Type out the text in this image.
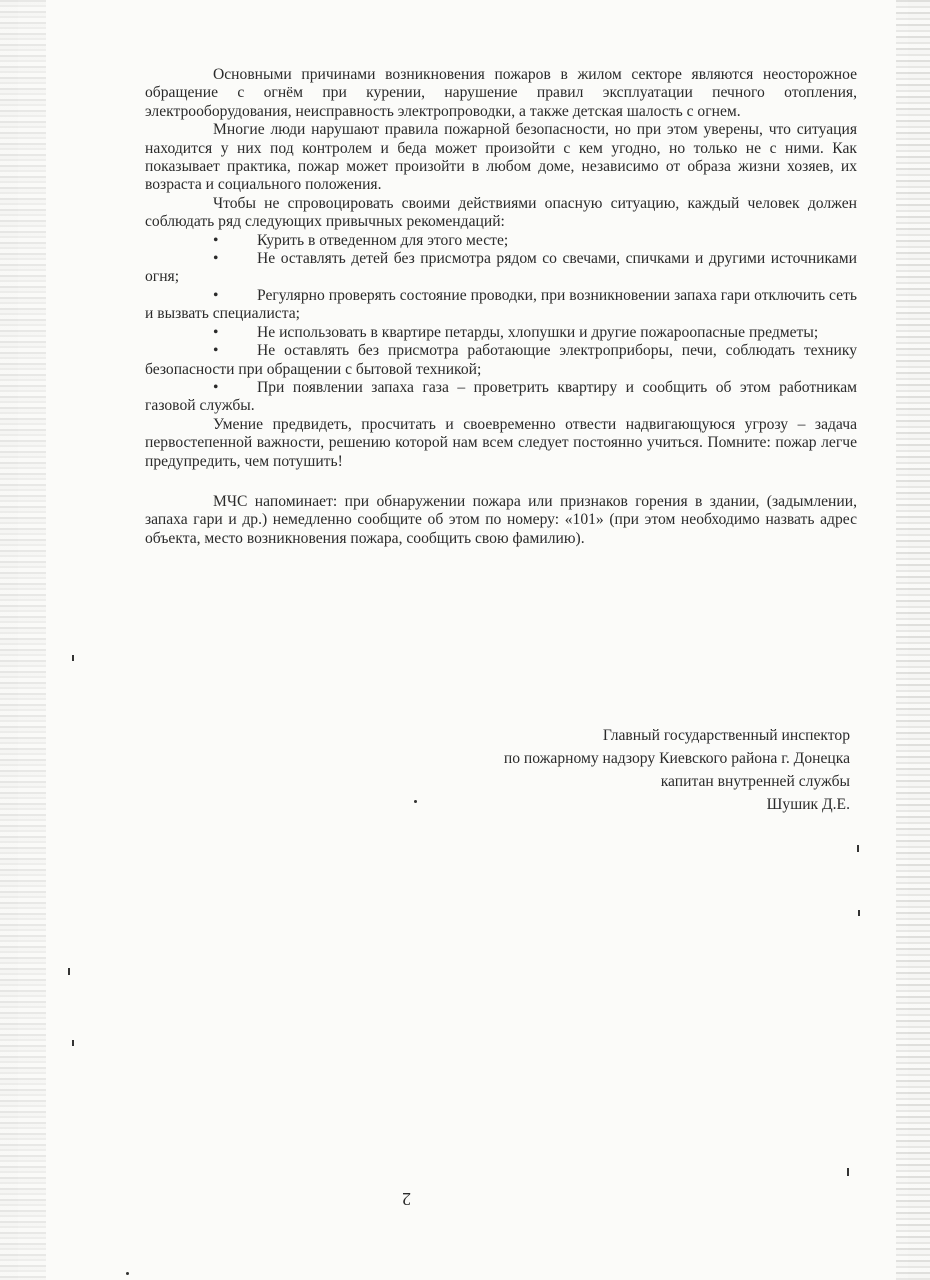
Основными причинами возникновения пожаров в жилом секторе являются неосторожное обращение с огнём при курении, нарушение правил эксплуатации печного отопления, электрооборудования, неисправность электропроводки, а также детская шалость с огнем.

Многие люди нарушают правила пожарной безопасности, но при этом уверены, что ситуация находится у них под контролем и беда может произойти с кем угодно, но только не с ними. Как показывает практика, пожар может произойти в любом доме, независимо от образа жизни хозяев, их возраста и социального положения.

Чтобы не спровоцировать своими действиями опасную ситуацию, каждый человек должен соблюдать ряд следующих привычных рекомендаций:

• Курить в отведенном для этого месте;
• Не оставлять детей без присмотра рядом со свечами, спичками и другими источниками огня;
• Регулярно проверять состояние проводки, при возникновении запаха гари отключить сеть и вызвать специалиста;
• Не использовать в квартире петарды, хлопушки и другие пожароопасные предметы;
• Не оставлять без присмотра работающие электроприборы, печи, соблюдать технику безопасности при обращении с бытовой техникой;
• При появлении запаха газа – проветрить квартиру и сообщить об этом работникам газовой службы.

Умение предвидеть, просчитать и своевременно отвести надвигающуюся угрозу – задача первостепенной важности, решению которой нам всем следует постоянно учиться. Помните: пожар легче предупредить, чем потушить!

МЧС напоминает: при обнаружении пожара или признаков горения в здании, (задымлении, запаха гари и др.) немедленно сообщите об этом по номеру: «101» (при этом необходимо назвать адрес объекта, место возникновения пожара, сообщить свою фамилию).

Главный государственный инспектор
по пожарному надзору Киевского района г. Донецка
капитан внутренней службы
Шушик Д.Е.
2
